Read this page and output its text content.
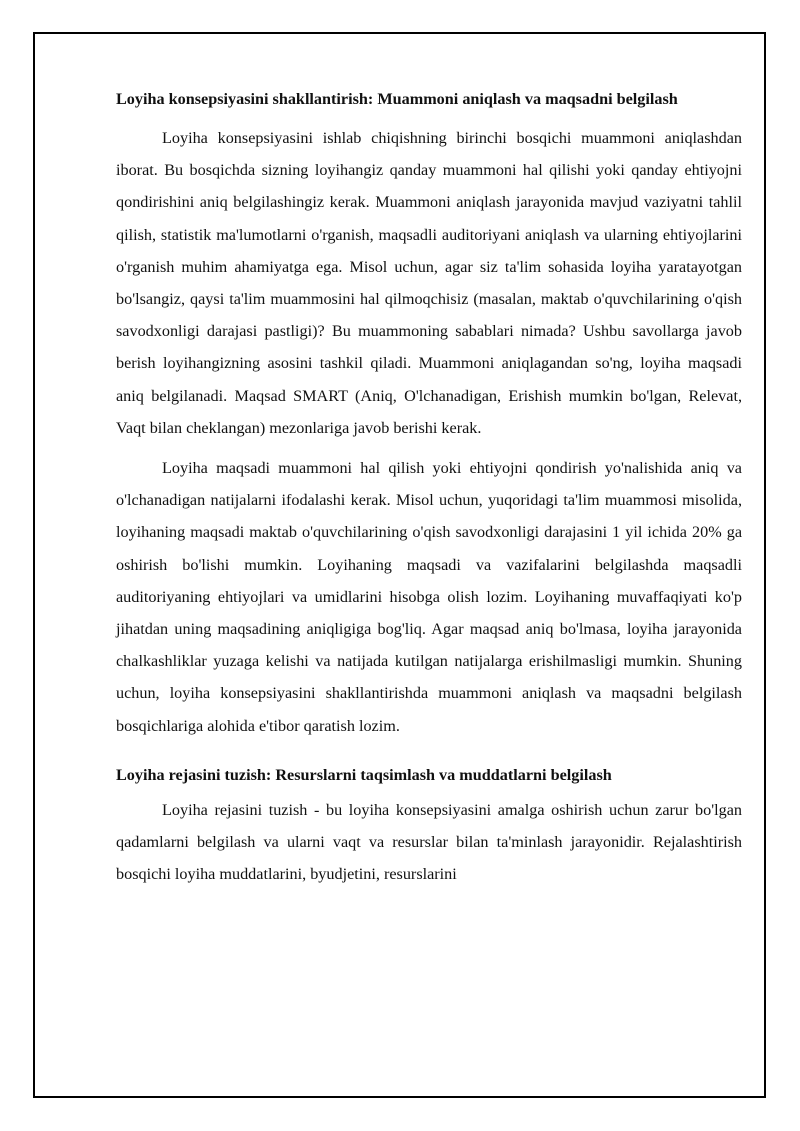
Loyiha konsepsiyasini shakllantirish: Muammoni aniqlash va maqsadni belgilash

Loyiha konsepsiyasini ishlab chiqishning birinchi bosqichi muammoni aniqlashdan iborat. Bu bosqichda sizning loyihangiz qanday muammoni hal qilishi yoki qanday ehtiyojni qondirishini aniq belgilashingiz kerak. Muammoni aniqlash jarayonida mavjud vaziyatni tahlil qilish, statistik ma'lumotlarni o'rganish, maqsadli auditoriyani aniqlash va ularning ehtiyojlarini o'rganish muhim ahamiyatga ega. Misol uchun, agar siz ta'lim sohasida loyiha yaratayotgan bo'lsangiz, qaysi ta'lim muammosini hal qilmoqchisiz (masalan, maktab o'quvchilarining o'qish savodxonligi darajasi pastligi)? Bu muammoning sabablari nimada? Ushbu savollarga javob berish loyihangizning asosini tashkil qiladi. Muammoni aniqlagandan so'ng, loyiha maqsadi aniq belgilanadi. Maqsad SMART (Aniq, O'lchanadigan, Erishish mumkin bo'lgan, Relevat, Vaqt bilan cheklangan) mezonlariga javob berishi kerak.

Loyiha maqsadi muammoni hal qilish yoki ehtiyojni qondirish yo'nalishida aniq va o'lchanadigan natijalarni ifodalashi kerak. Misol uchun, yuqoridagi ta'lim muammosi misolida, loyihaning maqsadi maktab o'quvchilarining o'qish savodxonligi darajasini 1 yil ichida 20% ga oshirish bo'lishi mumkin. Loyihaning maqsadi va vazifalarini belgilashda maqsadli auditoriyaning ehtiyojlari va umidlarini hisobga olish lozim. Loyihaning muvaffaqiyati ko'p jihatdan uning maqsadining aniqligiga bog'liq. Agar maqsad aniq bo'lmasa, loyiha jarayonida chalkashliklar yuzaga kelishi va natijada kutilgan natijalarga erishilmasligi mumkin. Shuning uchun, loyiha konsepsiyasini shakllantirishda muammoni aniqlash va maqsadni belgilash bosqichlariga alohida e'tibor qaratish lozim.

Loyiha rejasini tuzish: Resurslarni taqsimlash va muddatlarni belgilash

Loyiha rejasini tuzish - bu loyiha konsepsiyasini amalga oshirish uchun zarur bo'lgan qadamlarni belgilash va ularni vaqt va resurslar bilan ta'minlash jarayonidir. Rejalashtirish bosqichi loyiha muddatlarini, byudjetini, resurslarini
